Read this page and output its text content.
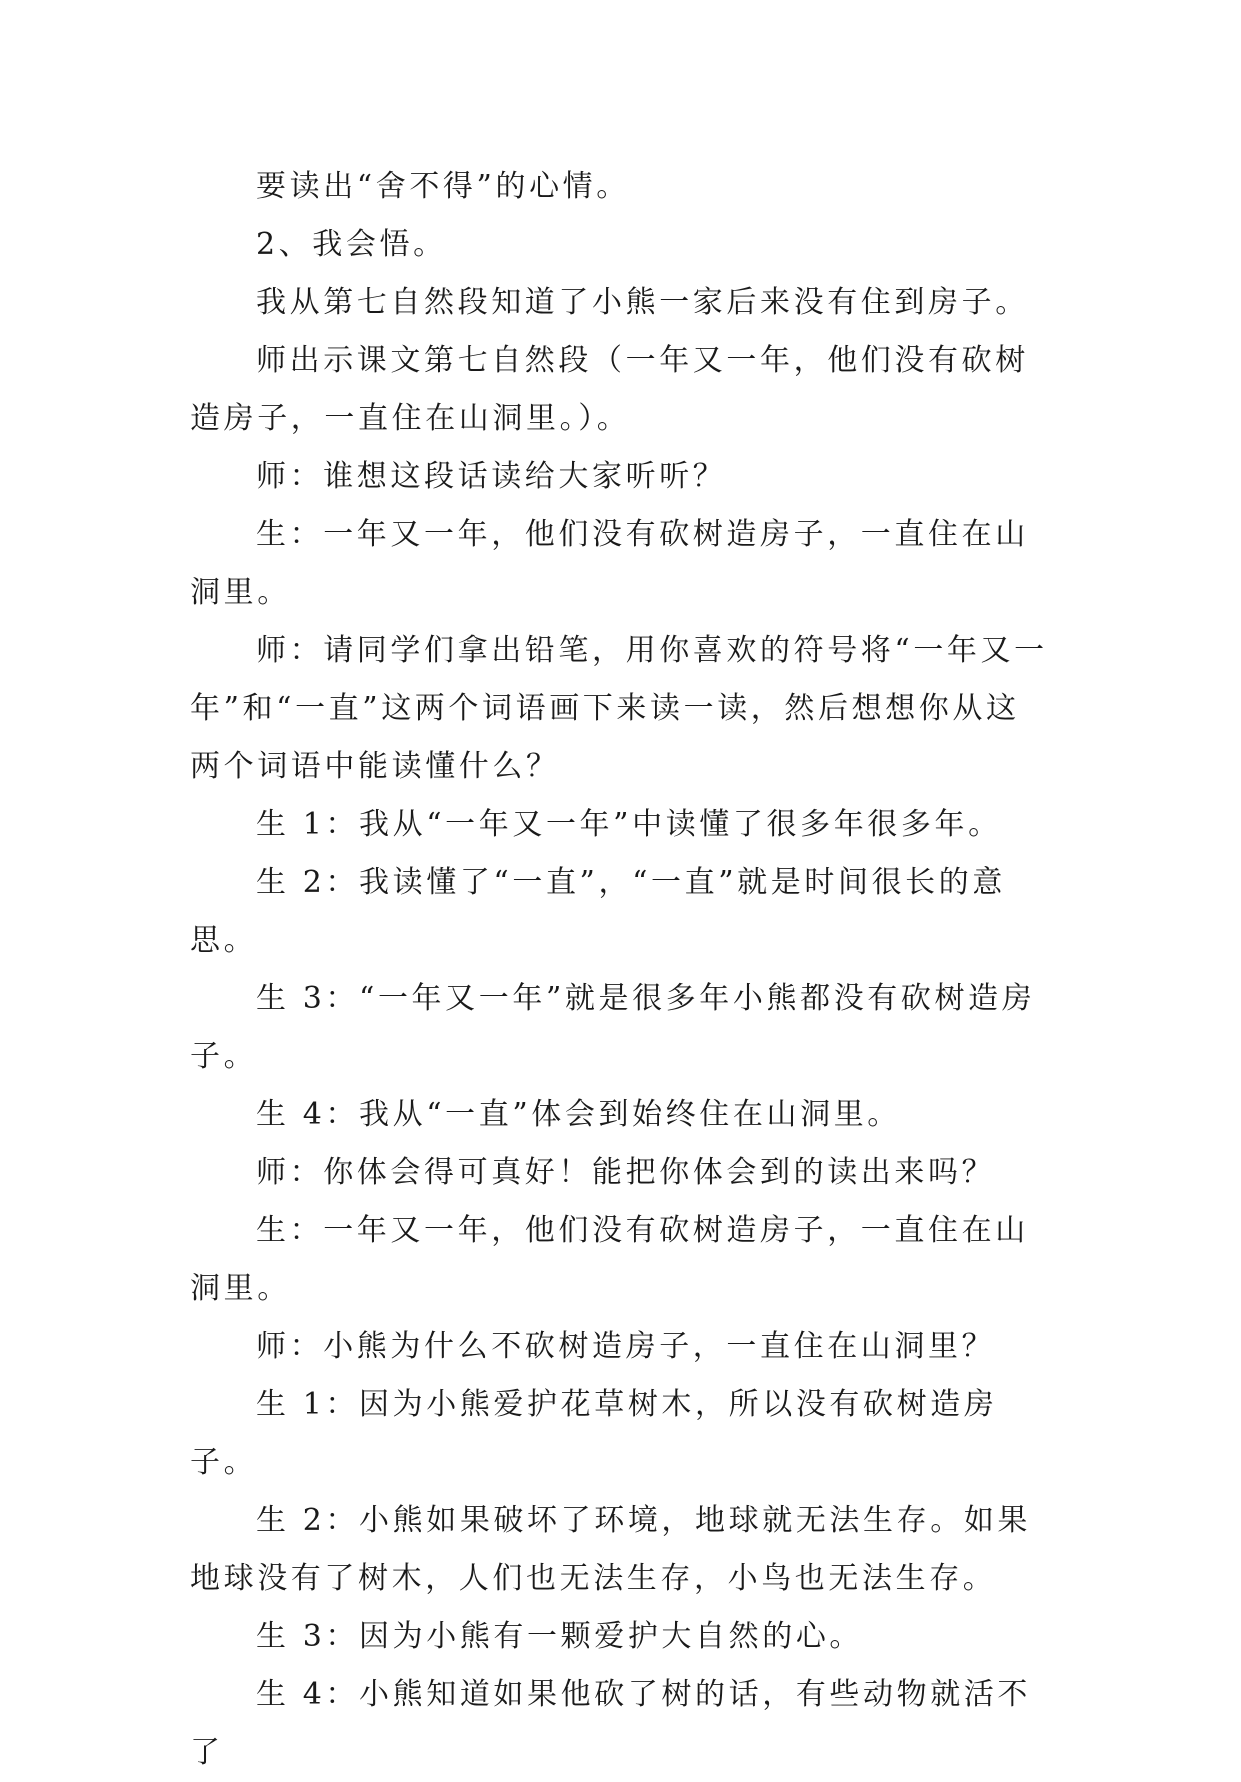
要读出“舍不得”的心情。

2、我会悟。

我从第七自然段知道了小熊一家后来没有住到房子。

师出示课文第七自然段（一年又一年，他们没有砍树造房子，一直住在山洞里。）。

师：谁想这段话读给大家听听？

生：一年又一年，他们没有砍树造房子，一直住在山洞里。

师：请同学们拿出铅笔，用你喜欢的符号将“一年又一年”和“一直”这两个词语画下来读一读，然后想想你从这两个词语中能读懂什么？

生 1：我从“一年又一年”中读懂了很多年很多年。

生 2：我读懂了“一直”，“一直”就是时间很长的意思。

生 3：“一年又一年”就是很多年小熊都没有砍树造房子。

生 4：我从“一直”体会到始终住在山洞里。

师：你体会得可真好！能把你体会到的读出来吗？

生：一年又一年，他们没有砍树造房子，一直住在山洞里。

师：小熊为什么不砍树造房子，一直住在山洞里？

生 1：因为小熊爱护花草树木，所以没有砍树造房子。

生 2：小熊如果破坏了环境，地球就无法生存。如果地球没有了树木，人们也无法生存，小鸟也无法生存。

生 3：因为小熊有一颗爱护大自然的心。

生 4：小熊知道如果他砍了树的话，有些动物就活不了
